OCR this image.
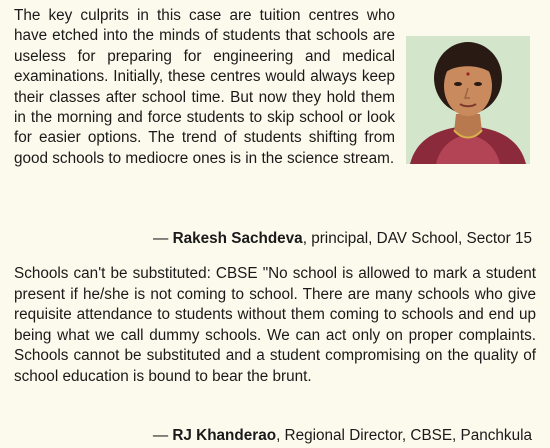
The key culprits in this case are tuition centres who have etched into the minds of students that schools are useless for preparing for engineering and medical examinations. Initially, these centres would always keep their classes after school time. But now they hold them in the morning and force students to skip school or look for easier options. The trend of students shifting from good schools to mediocre ones is in the science stream.

— Rakesh Sachdeva, principal, DAV School, Sector 15

Schools can't be substituted: CBSE "No school is allowed to mark a student present if he/she is not coming to school. There are many schools who give requisite attendance to students without them coming to schools and end up being what we call dummy schools. We can act only on proper complaints. Schools cannot be substituted and a student compromising on the quality of school education is bound to bear the brunt.

— RJ Khanderao, Regional Director, CBSE, Panchkula
